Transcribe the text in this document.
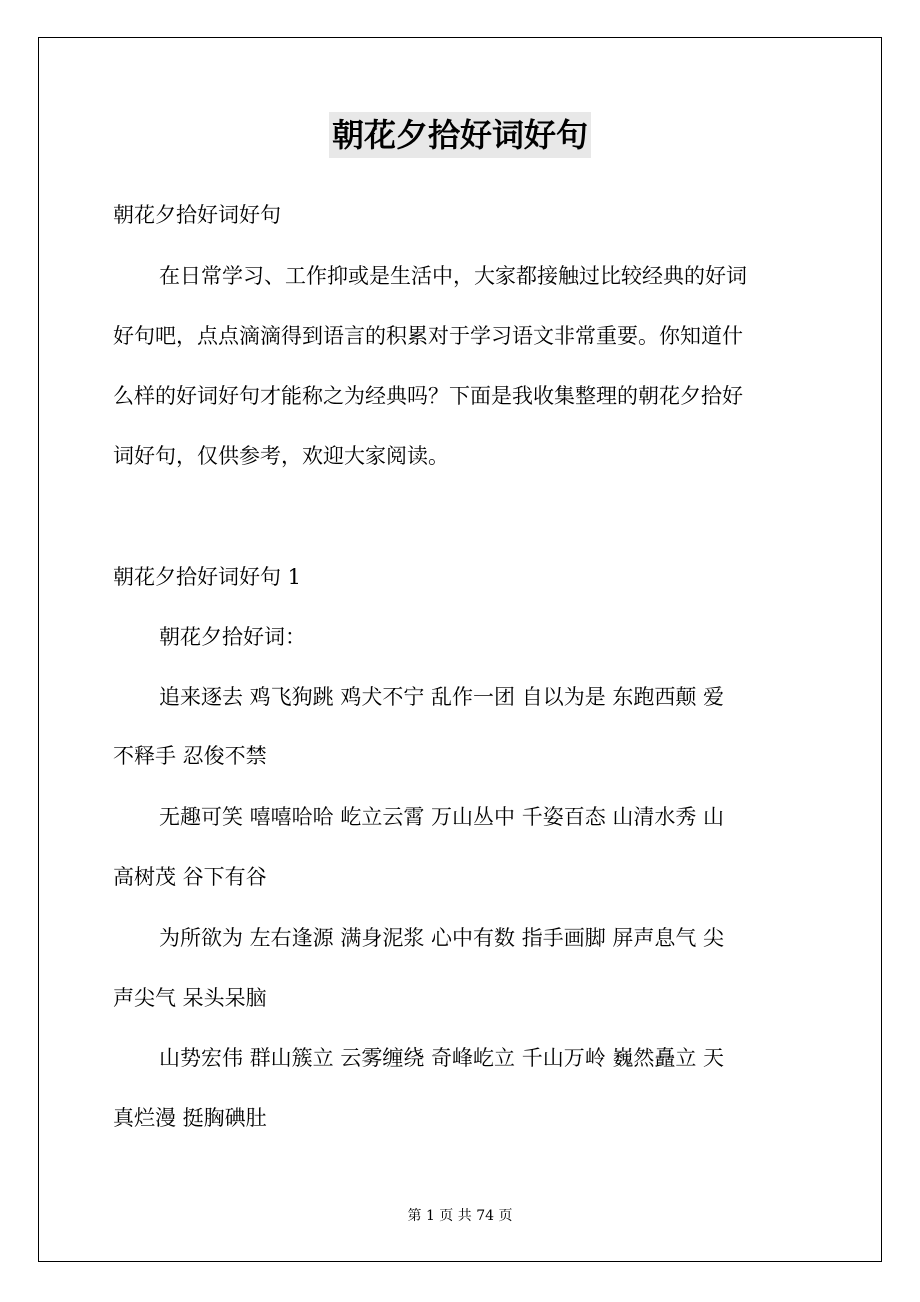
朝花夕拾好词好句
朝花夕拾好词好句
在日常学习、工作抑或是生活中，大家都接触过比较经典的好词
好句吧，点点滴滴得到语言的积累对于学习语文非常重要。你知道什
么样的好词好句才能称之为经典吗？下面是我收集整理的朝花夕拾好
词好句，仅供参考，欢迎大家阅读。
朝花夕拾好词好句 1
朝花夕拾好词：
追来逐去 鸡飞狗跳 鸡犬不宁 乱作一团 自以为是 东跑西颠 爱
不释手 忍俊不禁
无趣可笑 嘻嘻哈哈 屹立云霄 万山丛中 千姿百态 山清水秀 山
高树茂 谷下有谷
为所欲为 左右逢源 满身泥浆 心中有数 指手画脚 屏声息气 尖
声尖气 呆头呆脑
山势宏伟 群山簇立 云雾缠绕 奇峰屹立 千山万岭 巍然矗立 天
真烂漫 挺胸碘肚
第 1 页 共 74 页
